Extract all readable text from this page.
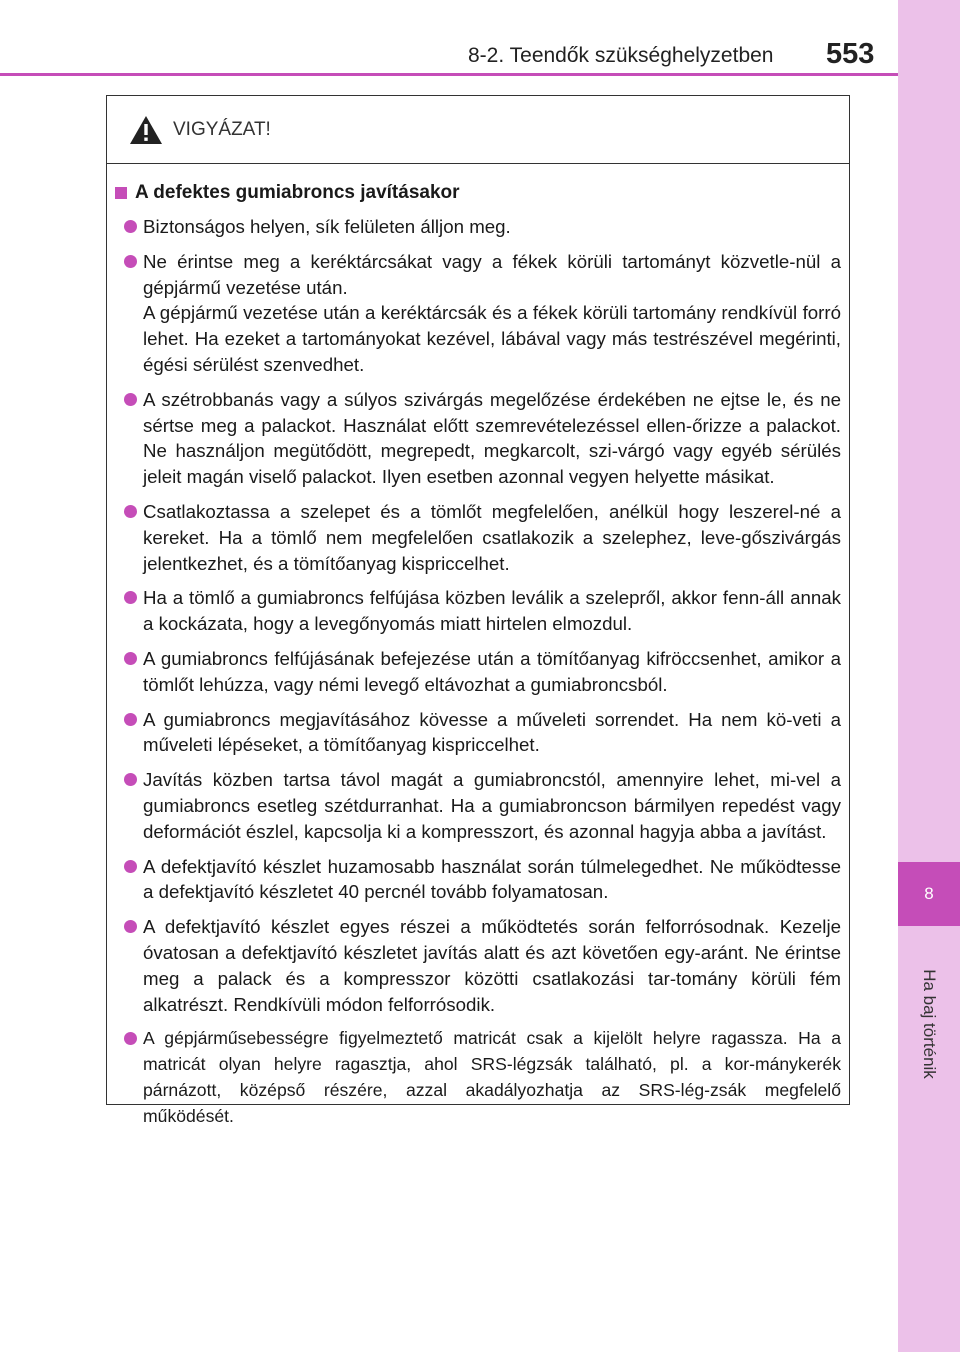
8
Ha baj történik
8-2. Teendők szükséghelyzetben 553
VIGYÁZAT!
A defektes gumiabroncs javításakor

Biztonságos helyen, sík felületen álljon meg.

Ne érintse meg a keréktárcsákat vagy a fékek körüli tartományt közvetle-nül a gépjármű vezetése után.
A gépjármű vezetése után a keréktárcsák és a fékek körüli tartomány rendkívül forró lehet. Ha ezeket a tartományokat kezével, lábával vagy más testrészével megérinti, égési sérülést szenvedhet.

A szétrobbanás vagy a súlyos szivárgás megelőzése érdekében ne ejtse le, és ne sértse meg a palackot. Használat előtt szemrevételezéssel ellen-őrizze a palackot. Ne használjon megütődött, megrepedt, megkarcolt, szi-várgó vagy egyéb sérülés jeleit magán viselő palackot. Ilyen esetben azonnal vegyen helyette másikat.

Csatlakoztassa a szelepet és a tömlőt megfelelően, anélkül hogy leszerel-né a kereket. Ha a tömlő nem megfelelően csatlakozik a szelephez, leve-gőszivárgás jelentkezhet, és a tömítőanyag kispriccelhet.

Ha a tömlő a gumiabroncs felfújása közben leválik a szelepről, akkor fenn-áll annak a kockázata, hogy a levegőnyomás miatt hirtelen elmozdul.

A gumiabroncs felfújásának befejezése után a tömítőanyag kifröccsenhet, amikor a tömlőt lehúzza, vagy némi levegő eltávozhat a gumiabroncsból.

A gumiabroncs megjavításához kövesse a műveleti sorrendet. Ha nem kö-veti a műveleti lépéseket, a tömítőanyag kispriccelhet.

Javítás közben tartsa távol magát a gumiabroncstól, amennyire lehet, mi-vel a gumiabroncs esetleg szétdurranhat. Ha a gumiabroncson bármilyen repedést vagy deformációt észlel, kapcsolja ki a kompresszort, és azonnal hagyja abba a javítást.

A defektjavító készlet huzamosabb használat során túlmelegedhet. Ne működtesse a defektjavító készletet 40 percnél tovább folyamatosan.

A defektjavító készlet egyes részei a működtetés során felforrósodnak. Kezelje óvatosan a defektjavító készletet javítás alatt és azt követően egy-aránt. Ne érintse meg a palack és a kompresszor közötti csatlakozási tar-tomány körüli fém alkatrészt. Rendkívüli módon felforrósodik.

A gépjárműsebességre figyelmeztető matricát csak a kijelölt helyre ragassza. Ha a matricát olyan helyre ragasztja, ahol SRS-légzsák található, pl. a kor-mánykerék párnázott, középső részére, azzal akadályozhatja az SRS-lég-zsák megfelelő működését.
